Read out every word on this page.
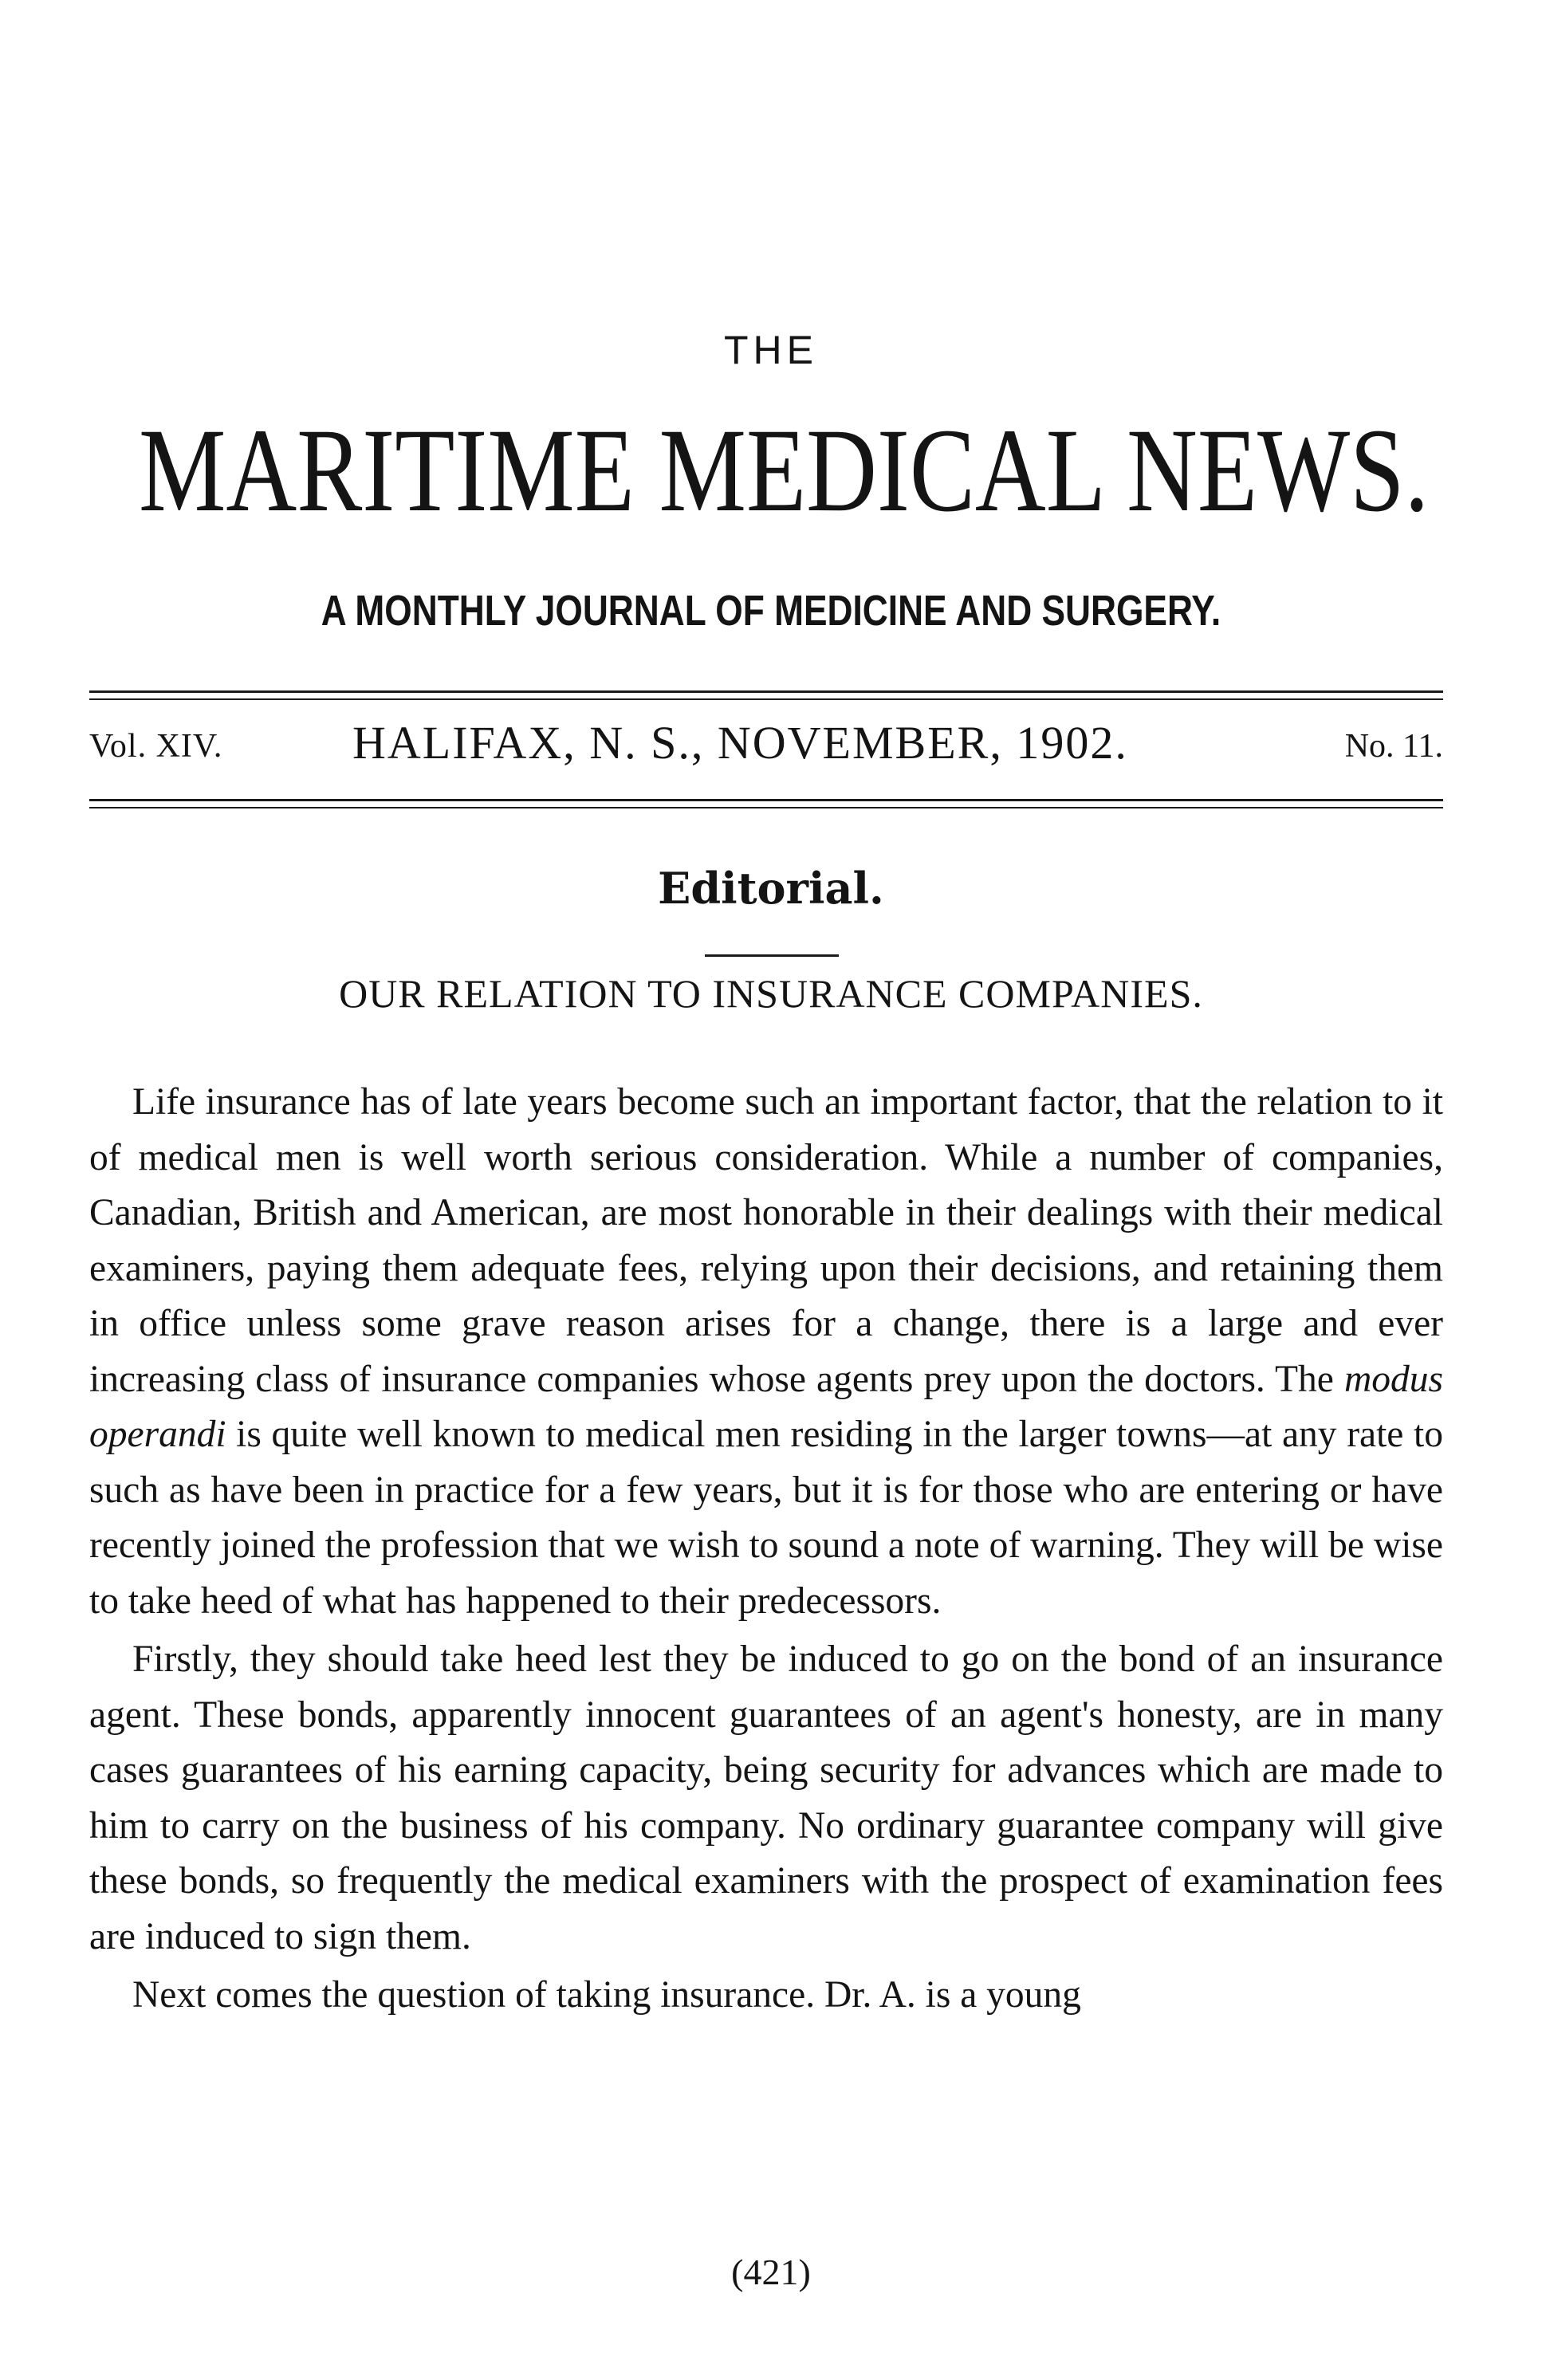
THE
MARITIME MEDICAL NEWS.
A MONTHLY JOURNAL OF MEDICINE AND SURGERY.
Vol. XIV.	HALIFAX, N. S., NOVEMBER, 1902.	No. 11.
Editorial.
OUR RELATION TO INSURANCE COMPANIES.

Life insurance has of late years become such an important factor, that the relation to it of medical men is well worth serious consideration. While a number of companies, Canadian, British and American, are most honorable in their dealings with their medical examiners, paying them adequate fees, relying upon their decisions, and retaining them in office unless some grave reason arises for a change, there is a large and ever increasing class of insurance companies whose agents prey upon the doctors. The modus operandi is quite well known to medical men residing in the larger towns—at any rate to such as have been in practice for a few years, but it is for those who are entering or have recently joined the profession that we wish to sound a note of warning. They will be wise to take heed of what has happened to their predecessors.

Firstly, they should take heed lest they be induced to go on the bond of an insurance agent. These bonds, apparently innocent guarantees of an agent's honesty, are in many cases guarantees of his earning capacity, being security for advances which are made to him to carry on the business of his company. No ordinary guarantee company will give these bonds, so frequently the medical examiners with the prospect of examination fees are induced to sign them.

Next comes the question of taking insurance. Dr. A. is a young

(421)
